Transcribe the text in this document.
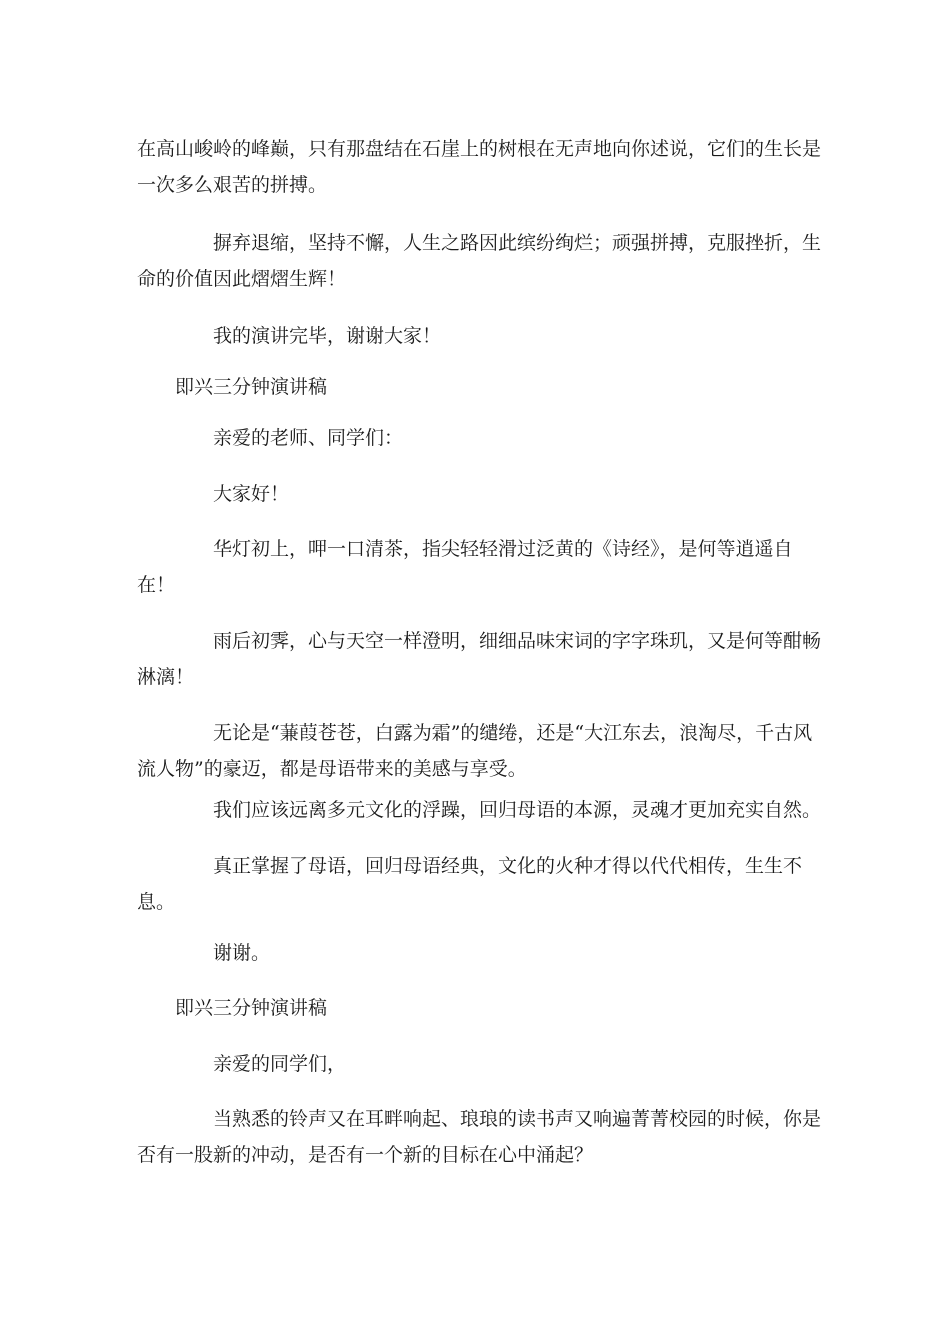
在高山峻岭的峰巅，只有那盘结在石崖上的树根在无声地向你述说，它们的生长是一次多么艰苦的拼搏。

摒弃退缩，坚持不懈，人生之路因此缤纷绚烂；顽强拼搏，克服挫折，生命的价值因此熠熠生辉！

我的演讲完毕，谢谢大家！

即兴三分钟演讲稿

亲爱的老师、同学们：

大家好！

华灯初上，呷一口清茶，指尖轻轻滑过泛黄的《诗经》，是何等逍遥自在！

雨后初霁，心与天空一样澄明，细细品味宋词的字字珠玑，又是何等酣畅淋漓！

无论是“蒹葭苍苍，白露为霜”的缱绻，还是“大江东去，浪淘尽，千古风流人物”的豪迈，都是母语带来的美感与享受。

我们应该远离多元文化的浮躁，回归母语的本源，灵魂才更加充实自然。

真正掌握了母语，回归母语经典，文化的火种才得以代代相传，生生不息。

谢谢。

即兴三分钟演讲稿

亲爱的同学们，

当熟悉的铃声又在耳畔响起、琅琅的读书声又响遍菁菁校园的时候，你是否有一股新的冲动，是否有一个新的目标在心中涌起？
